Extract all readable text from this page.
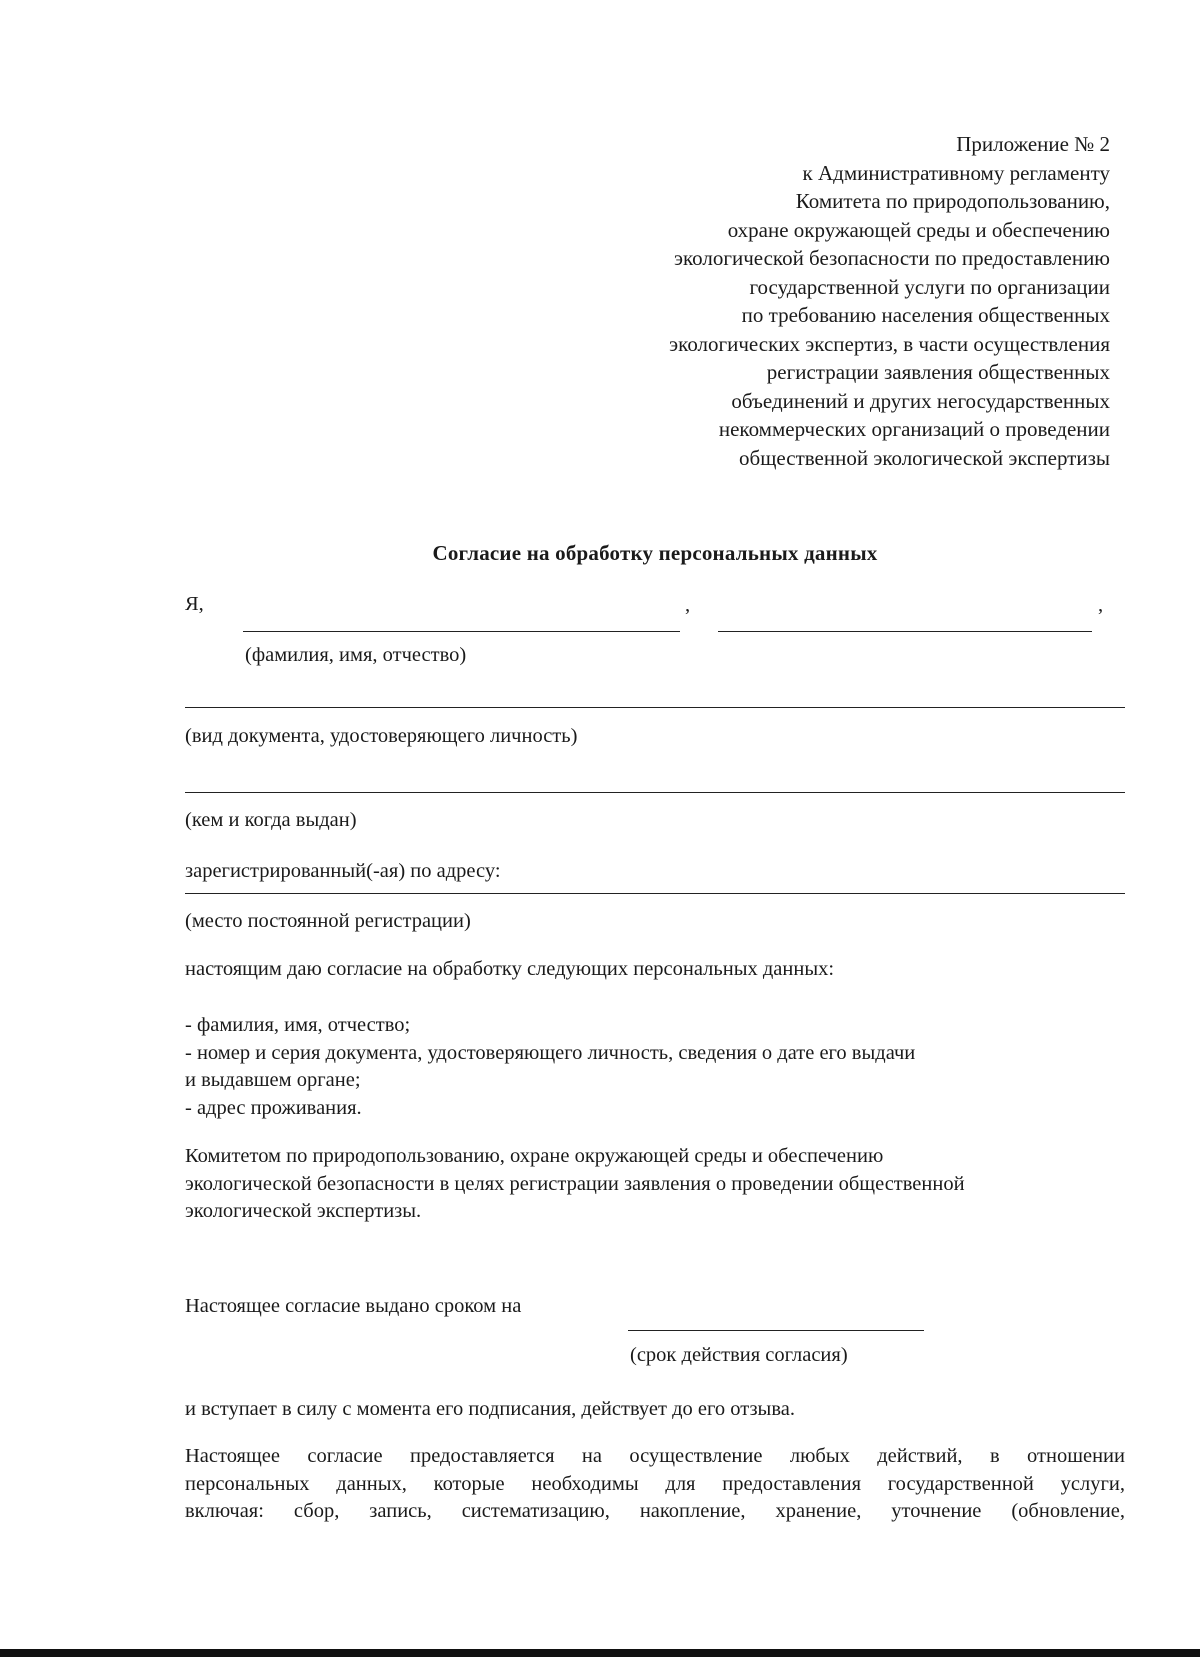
Приложение № 2
к Административному регламенту
Комитета по природопользованию,
охране окружающей среды и обеспечению
экологической безопасности по предоставлению
государственной услуги по организации
по требованию населения общественных
экологических экспертиз, в части осуществления
регистрации заявления общественных
объединений и других негосударственных
некоммерческих организаций о проведении
общественной экологической экспертизы
Согласие на обработку персональных данных
Я,	,	,
(фамилия, имя, отчество)
(вид документа, удостоверяющего личность)
(кем и когда выдан)
зарегистрированный(-ая) по адресу:
(место постоянной регистрации)
настоящим даю согласие на обработку следующих персональных данных:
- фамилия, имя, отчество;
- номер и серия документа, удостоверяющего личность, сведения о дате его выдачи
и выдавшем органе;
- адрес проживания.
Комитетом по природопользованию, охране окружающей среды и обеспечению
экологической безопасности в целях регистрации заявления о проведении общественной
экологической экспертизы.
Настоящее согласие выдано сроком на
(срок действия согласия)
и вступает в силу с момента его подписания, действует до его отзыва.
Настоящее согласие предоставляется на осуществление любых действий, в отношении
персональных данных, которые необходимы для предоставления государственной услуги,
включая: сбор, запись, систематизацию, накопление, хранение, уточнение (обновление,
